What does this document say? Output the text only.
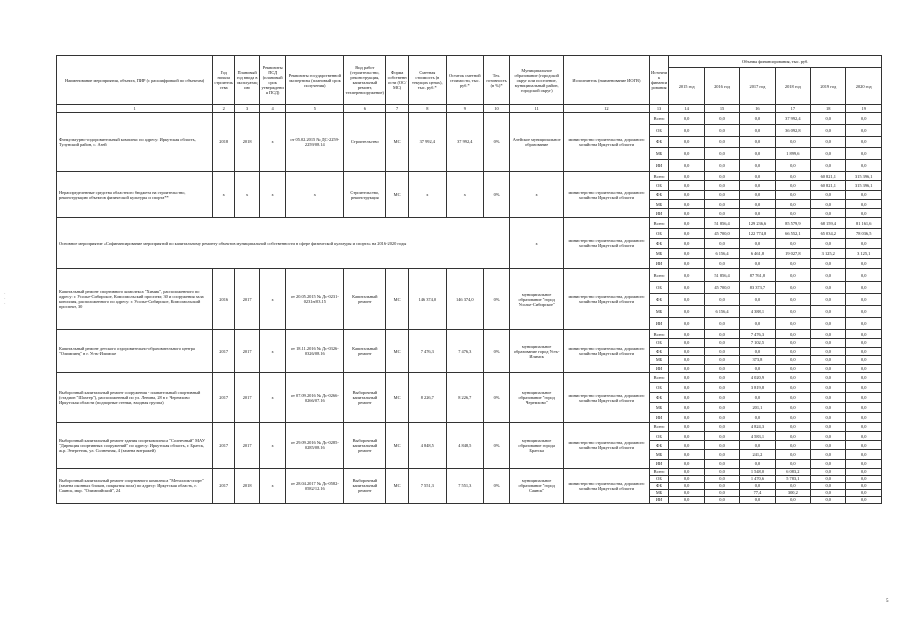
Наименование мероприятия, объекта, ПИР (с расшифровкой по объектам)	Год начала строительства	Плановый год ввода в эксплуатацию	Реквизиты ПСД (плановый срок утверждения ПСД)	Реквизиты государственной экспертизы (плановый срок получения)	Вид работ (строительство, реконструкция, капитальный ремонт, техперевооружение)	Форма собственности (ОС/МС)	Сметная стоимость (в текущих ценах), тыс. руб.*	Остаток сметной стоимости, тыс. руб.*	Тех. готовность (в %)*	Муниципальное образование (городской округ или поселение, муниципальный район, городской округ)	Исполнитель (наименование ИОГВ)	Источник финансирования	Объемы финансирования, тыс. руб.					
													2015 год	2016 год	2017 год	2018 год	2019 год	2020 год
1	2	3	4	5	6	7	8	9	10	11	12	13	14	15	16	17	18	19
Физкультурно-оздоровительный комплекс по адресу: Иркутская область, Тулунский район, с. Азей	2018	2018	х	от 05.02.2015 № ДС-2259-2259/08.14	Строительство	МС	37 992,4	37 992,4	0%	Азейское муниципальное образование	министерство строительства, дорожного хозяйства Иркутской области	Всего	0,0	0,0	0,0	37 992,4	0,0	0,0
												ОБ	0,0	0,0	0,0	36 092,8	0,0	0,0
												ФБ	0,0	0,0	0,0	0,0	0,0	0,0
												МБ	0,0	0,0	0,0	1 899,6	0,0	0,0
												ИИ	0,0	0,0	0,0	0,0	0,0	0,0
Нераспределенные средства областного бюджета на строительство, реконструкцию объектов физической культуры и спорта**	х	х	х	х	Строительство, реконструкция	МС	х	х	0%	х	министерство строительства, дорожного хозяйства Иркутской области	Всего	0,0	0,0	0,0	0,0	60 821,1	315 396,1
												ОБ	0,0	0,0	0,0	0,0	60 821,1	315 396,1
												ФБ	0,0	0,0	0,0	0,0	0,0	0,0
												МБ	0,0	0,0	0,0	0,0	0,0	0,0
												ИИ	0,0	0,0	0,0	0,0	0,0	0,0
Основное мероприятие «Софинансирование мероприятий по капитальному ремонту объектов муниципальной собственности в сфере физической культуры и спорта» на 2016-2020 годы										х	министерство строительства, дорожного хозяйства Иркутской области	Всего	0,0	51 856,4	129 236,6	85 579,9	68 159,4	81 161,6
												ОБ	0,0	45 700,0	122 774,8	66 552,1	65 034,2	78 036,5
												ФБ	0,0	0,0	0,0	0,0	0,0	0,0
												МБ	0,0	6 156,4	6 461,8	19 027,8	3 125,2	3 125,1
												ИИ	0,0	0,0	0,0	0,0	0,0	0,0
Капитальный ремонт спортивного комплекса "Химик", расположенного по адресу: г. Усолье-Сибирское, Комсомольский проспект, 30 и сооружения зала консилия, расположенного по адресу: г. Усолье-Сибирское, Комсомольский проспект, 30	2016	2017	х	от 20.05.2015 № Дс-0231-0231н/03.15	Капитальный ремонт	МС	146 374,0	146 374,0	0%	муниципальное образование "город Усолье-Сибирское"	министерство строительства, дорожного хозяйства Иркутской области	Всего	0,0	51 856,4	87 761,8	0,0	0,0	0,0
												ОБ	0,0	45 700,0	83 373,7	0,0	0,0	0,0
												ФБ	0,0	0,0	0,0	0,0	0,0	0,0
												МБ	0,0	6 156,4	4 388,1	0,0	0,0	0,0
												ИИ	0,0	0,0	0,0	0,0	0,0	0,0
Капитальный ремонт детского оздоровительно-образовательного центра "Олимпиец" в г. Усть-Илимске	2017	2017	х	от 18.11.2016 № Дс-0326-0326/08.16	Капитальный ремонт	МС	7 476,3	7 476,3	0%	муниципальное образование город Усть-Илимск	министерство строительства, дорожного хозяйства Иркутской области	Всего	0,0	0,0	7 476,3	0,0	0,0	0,0
												ОБ	0,0	0,0	7 102,5	0,0	0,0	0,0
												ФБ	0,0	0,0	0,0	0,0	0,0	0,0
												МБ	0,0	0,0	373,8	0,0	0,0	0,0
												ИИ	0,0	0,0	0,0	0,0	0,0	0,0
Выборочный капитальный ремонт сооружения - плавательный спортивный (стадион "Шахтер"), расположенный по ул. Ленина, 28 в г. Черемхово Иркутская области (подпорные стенки, входная группа)	2017	2017	х	от 07.09.2016 № Дс-0266-0266/07.16	Выборочный капитальный ремонт	МС	8 226,7	8 226,7	0%	муниципальное образование "город Черемхово"	министерство строительства, дорожного хозяйства Иркутской области	Всего	0,0	0,0	4 020,9	0,0	0,0	0,0
												ОБ	0,0	0,0	3 819,8	0,0	0,0	0,0
												ФБ	0,0	0,0	0,0	0,0	0,0	0,0
												МБ	0,0	0,0	201,1	0,0	0,0	0,0
												ИИ	0,0	0,0	0,0	0,0	0,0	0,0
Выборочный капитальный ремонт здания спорткомплекса "Солнечный" МАУ "Дирекция спортивных сооружений" по адресу: Иркутская область, г. Братск, ж.р. Энергетик, ул. Солнечная, 4 (замена витражей)	2017	2017	х	от 29.09.2016 № Дс-0285-0285/08.16	Выборочный капитальный ремонт	МС	4 848,5	4 848,5	0%	муниципальное образование города Братска	министерство строительства, дорожного хозяйства Иркутской области	Всего	0,0	0,0	4 824,3	0,0	0,0	0,0
												ОБ	0,0	0,0	4 583,1	0,0	0,0	0,0
												ФБ	0,0	0,0	0,0	0,0	0,0	0,0
												МБ	0,0	0,0	241,2	0,0	0,0	0,0
												ИИ	0,0	0,0	0,0	0,0	0,0	0,0
Выборочный капитальный ремонт спортивного комплекса "Металлик-спорт" (замена оконных блоков, покрытия пола) по адресу: Иркутская область, г. Саянск, мкр. "Олимпийский", 24	2017	2018	х	от 28.04.2017 № Дс-0582-0582/12.16	Выборочный капитальный ремонт	МС	7 551,3	7 551,3	0%	муниципальное образование "город Саянск"	министерство строительства, дорожного хозяйства Иркутской области	Всего	0,0	0,0	1 548,0	6 083,2	0,0	0,0
												ОБ	0,0	0,0	1 470,6	5 783,1	0,0	0,0
												ФБ	0,0	0,0	0,0	0,0	0,0	0,0
												МБ	0,0	0,0	77,4	300,2	0,0	0,0
												ИИ	0,0	0,0	0,0	0,0	0,0	0,0
·
·
·
5
